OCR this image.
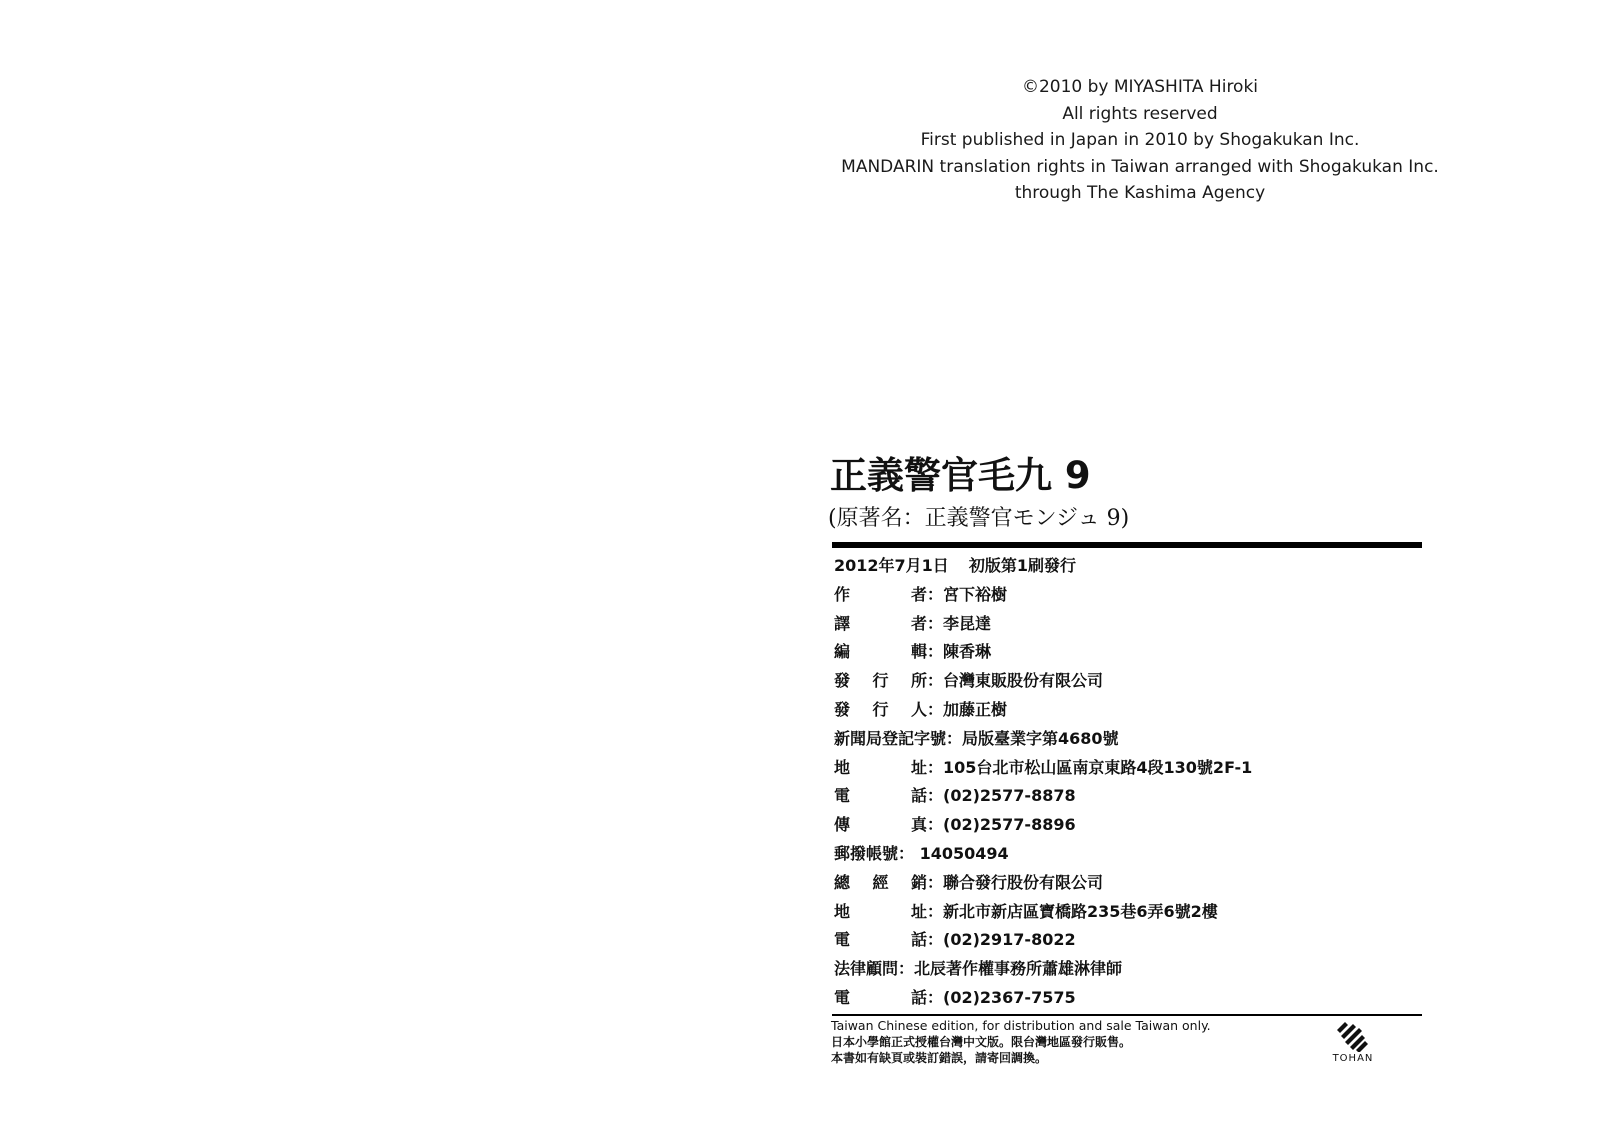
©2010 by MIYASHITA Hiroki
All rights reserved
First published in Japan in 2010 by Shogakukan Inc.
MANDARIN translation rights in Taiwan arranged with Shogakukan Inc.
through The Kashima Agency
正義警官毛九 9
(原著名：正義警官モンジュ 9)
2012年7月1日 初版第1刷發行
作	者 ：宮下裕樹
譯	者 ：李昆達
編	輯 ：陳香琳
發 行 所 ：台灣東販股份有限公司
發 行 人 ：加藤正樹
新聞局登記字號 ：局版臺業字第4680號
地	址 ：105台北市松山區南京東路4段130號2F-1
電	話 ：(02)2577-8878
傳	真 ：(02)2577-8896
郵撥帳號 ： 14050494
總 經 銷 ：聯合發行股份有限公司
地	址 ：新北市新店區寶橋路235巷6弄6號2樓
電	話 ：(02)2917-8022
法律顧問 ：北辰著作權事務所蕭雄淋律師
電	話 ：(02)2367-7575
Taiwan Chinese edition, for distribution and sale Taiwan only.
日本小學館正式授權台灣中文版。限台灣地區發行販售。
本書如有缺頁或裝訂錯誤，請寄回調換。	TOHAN
